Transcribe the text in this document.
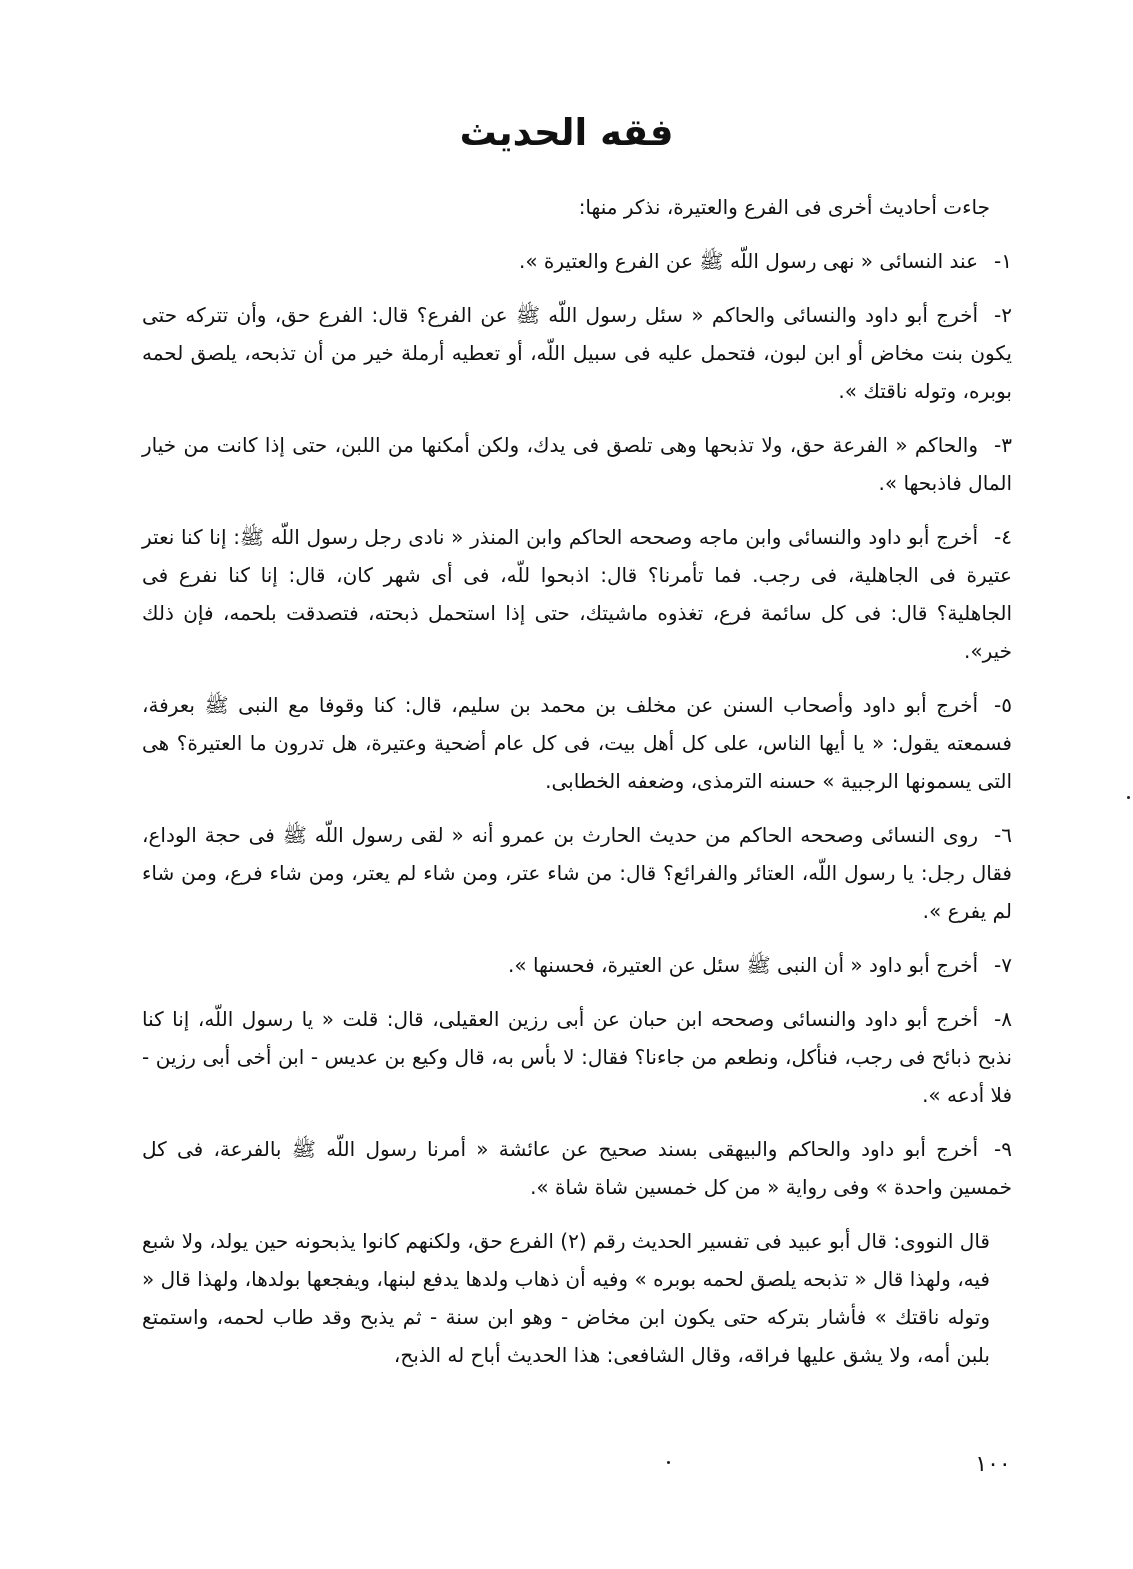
فقه الحديث

جاءت أحاديث أخرى فى الفرع والعتيرة، نذكر منها:

١-عند النسائى « نهى رسول اللّه ﷺ عن الفرع والعتيرة ».

٢-أخرج أبو داود والنسائى والحاكم « سئل رسول اللّه ﷺ عن الفرع؟ قال: الفرع حق، وأن تتركه حتى يكون بنت مخاض أو ابن لبون، فتحمل عليه فى سبيل اللّه، أو تعطيه أرملة خير من أن تذبحه، يلصق لحمه بوبره، وتوله ناقتك ».

٣-والحاكم « الفرعة حق، ولا تذبحها وهى تلصق فى يدك، ولكن أمكنها من اللبن، حتى إذا كانت من خيار المال فاذبحها ».

٤-أخرج أبو داود والنسائى وابن ماجه وصححه الحاكم وابن المنذر « نادى رجل رسول اللّه ﷺ: إنا كنا نعتر عتيرة فى الجاهلية، فى رجب. فما تأمرنا؟ قال: اذبحوا للّه، فى أى شهر كان، قال: إنا كنا نفرع فى الجاهلية؟ قال: فى كل سائمة فرع، تغذوه ماشيتك، حتى إذا استحمل ذبحته، فتصدقت بلحمه، فإن ذلك خير».

٥-أخرج أبو داود وأصحاب السنن عن مخلف بن محمد بن سليم، قال: كنا وقوفا مع النبى ﷺ بعرفة، فسمعته يقول: « يا أيها الناس، على كل أهل بيت، فى كل عام أضحية وعتيرة، هل تدرون ما العتيرة؟ هى التى يسمونها الرجبية » حسنه الترمذى، وضعفه الخطابى.

٦-روى النسائى وصححه الحاكم من حديث الحارث بن عمرو أنه « لقى رسول اللّه ﷺ فى حجة الوداع، فقال رجل: يا رسول اللّه، العتائر والفرائع؟ قال: من شاء عتر، ومن شاء لم يعتر، ومن شاء فرع، ومن شاء لم يفرع ».

٧-أخرج أبو داود « أن النبى ﷺ سئل عن العتيرة، فحسنها ».

٨-أخرج أبو داود والنسائى وصححه ابن حبان عن أبى رزين العقيلى، قال: قلت « يا رسول اللّه، إنا كنا نذبح ذبائح فى رجب، فنأكل، ونطعم من جاءنا؟ فقال: لا بأس به، قال وكيع بن عديس - ابن أخى أبى رزين - فلا أدعه ».

٩-أخرج أبو داود والحاكم والبيهقى بسند صحيح عن عائشة « أمرنا رسول اللّه ﷺ بالفرعة، فى كل خمسين واحدة » وفى رواية « من كل خمسين شاة شاة ».

قال النووى: قال أبو عبيد فى تفسير الحديث رقم (٢) الفرع حق، ولكنهم كانوا يذبحونه حين يولد، ولا شبع فيه، ولهذا قال « تذبحه يلصق لحمه بوبره » وفيه أن ذهاب ولدها يدفع لبنها، ويفجعها بولدها، ولهذا قال « وتوله ناقتك » فأشار بتركه حتى يكون ابن مخاض - وهو ابن سنة - ثم يذبح وقد طاب لحمه، واستمتع بلبن أمه، ولا يشق عليها فراقه، وقال الشافعى: هذا الحديث أباح له الذبح،

١٠٠
